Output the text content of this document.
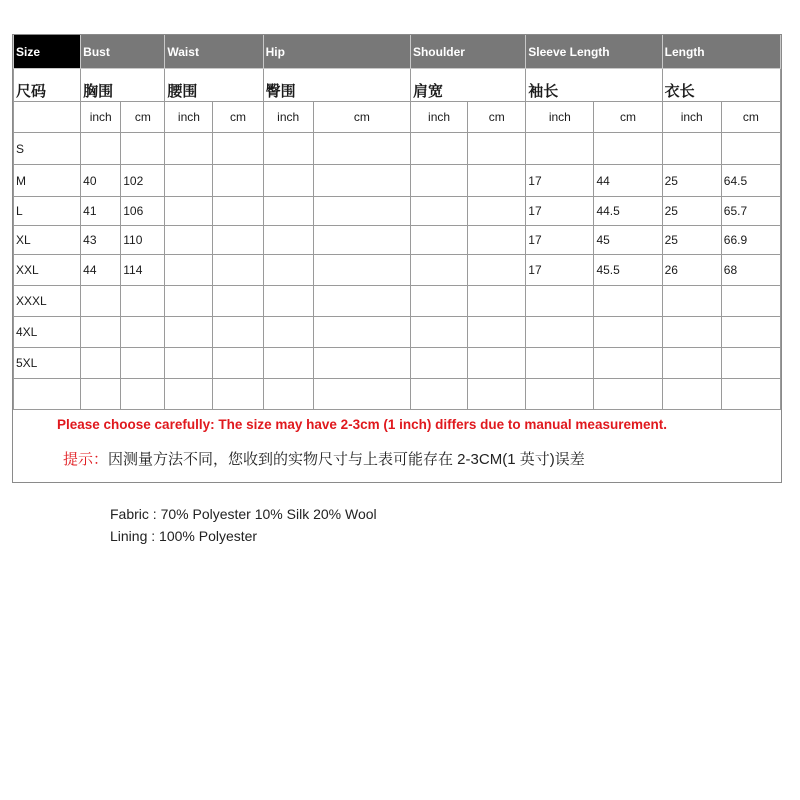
Size	Bust		Waist		Hip		Shoulder		Sleeve Length		Length	
尺码	胸围		腰围		臀围		肩宽		袖长		衣长	
	inch	cm	inch	cm	inch	cm	inch	cm	inch	cm	inch	cm
S												
M	40	102							17	44	25	64.5
L	41	106							17	44.5	25	65.7
XL	43	110							17	45	25	66.9
XXL	44	114							17	45.5	26	68
XXXL												
4XL												
5XL												

Please choose carefully: The size may have 2-3cm (1 inch) differs due to manual measurement.
提示：因测量方法不同，您收到的实物尺寸与上表可能存在 2-3CM(1 英寸)误差
Fabric : 70% Polyester 10% Silk 20% Wool
Lining : 100% Polyester
